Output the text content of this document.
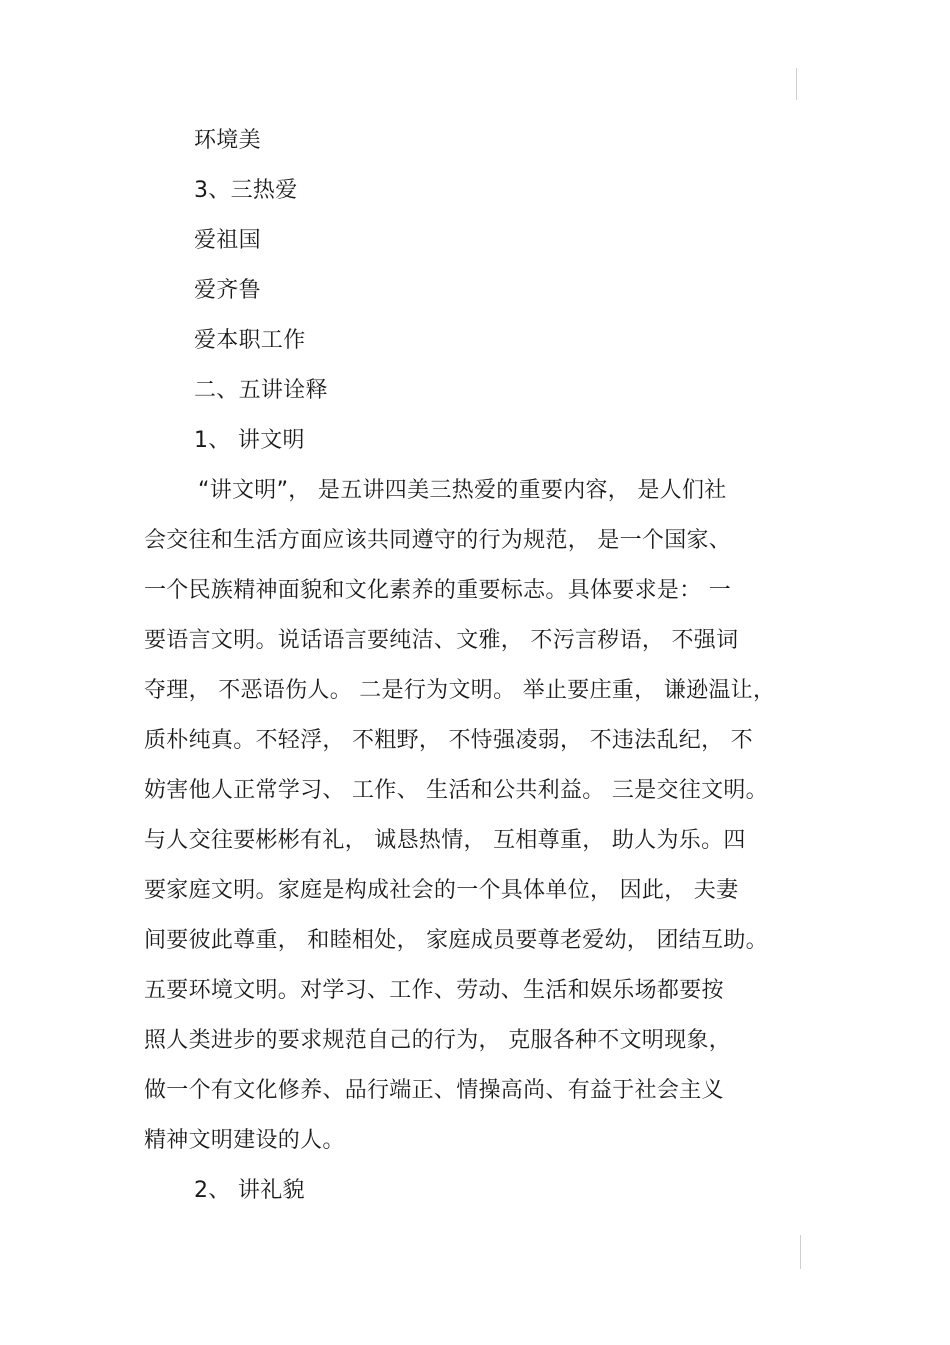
环境美
3、三热爱
爱祖国
爱齐鲁
爱本职工作
二、五讲诠释
1、 讲文明
“讲文明”， 是五讲四美三热爱的重要内容， 是人们社
会交往和生活方面应该共同遵守的行为规范， 是一个国家、
一个民族精神面貌和文化素养的重要标志。具体要求是： 一
要语言文明。说话语言要纯洁、文雅， 不污言秽语， 不强词
夺理， 不恶语伤人。 二是行为文明。 举止要庄重， 谦逊温让，
质朴纯真。不轻浮， 不粗野， 不恃强凌弱， 不违法乱纪， 不
妨害他人正常学习、 工作、 生活和公共利益。 三是交往文明。
与人交往要彬彬有礼， 诚恳热情， 互相尊重， 助人为乐。四
要家庭文明。家庭是构成社会的一个具体单位， 因此， 夫妻
间要彼此尊重， 和睦相处， 家庭成员要尊老爱幼， 团结互助。
五要环境文明。对学习、工作、劳动、生活和娱乐场都要按
照人类进步的要求规范自己的行为， 克服各种不文明现象，
做一个有文化修养、品行端正、情操高尚、有益于社会主义
精神文明建设的人。
2、 讲礼貌
